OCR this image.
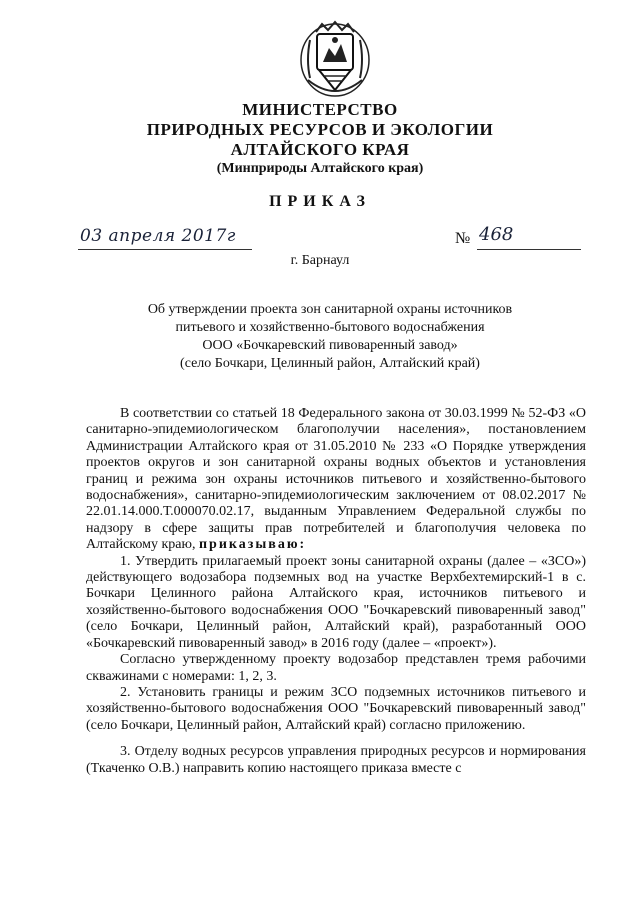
МИНИСТЕРСТВО
ПРИРОДНЫХ РЕСУРСОВ И ЭКОЛОГИИ
АЛТАЙСКОГО КРАЯ
(Минприроды Алтайского края)
ПРИКАЗ
03 апреля 2017г	№ 468
г. Барнаул
Об утверждении проекта зон санитарной охраны источников
питьевого и хозяйственно-бытового водоснабжения
ООО «Бочкаревский пивоваренный завод»
(село Бочкари, Целинный район, Алтайский край)

В соответствии со статьей 18 Федерального закона от 30.03.1999 № 52-ФЗ «О санитарно-эпидемиологическом благополучии населения», постановлением Администрации Алтайского края от 31.05.2010 № 233 «О Порядке утверждения проектов округов и зон санитарной охраны водных объектов и установления границ и режима зон охраны источников питьевого и хозяйственно-бытового водоснабжения», санитарно-эпидемиологическим заключением от 08.02.2017 № 22.01.14.000.Т.000070.02.17, выданным Управлением Федеральной службы по надзору в сфере защиты прав потребителей и благополучия человека по Алтайскому краю, приказываю:

1. Утвердить прилагаемый проект зоны санитарной охраны (далее – «ЗСО») действующего водозабора подземных вод на участке Верхбехтемирский-1 в с. Бочкари Целинного района Алтайского края, источников питьевого и хозяйственно-бытового водоснабжения ООО "Бочкаревский пивоваренный завод" (село Бочкари, Целинный район, Алтайский край), разработанный ООО «Бочкаревский пивоваренный завод» в 2016 году (далее – «проект»).

Согласно утвержденному проекту водозабор представлен тремя рабочими скважинами с номерами: 1, 2, 3.

2. Установить границы и режим ЗСО подземных источников питьевого и хозяйственно-бытового водоснабжения ООО "Бочкаревский пивоваренный завод" (село Бочкари, Целинный район, Алтайский край) согласно приложению.

3. Отделу водных ресурсов управления природных ресурсов и нормирования (Ткаченко О.В.) направить копию настоящего приказа вместе с
